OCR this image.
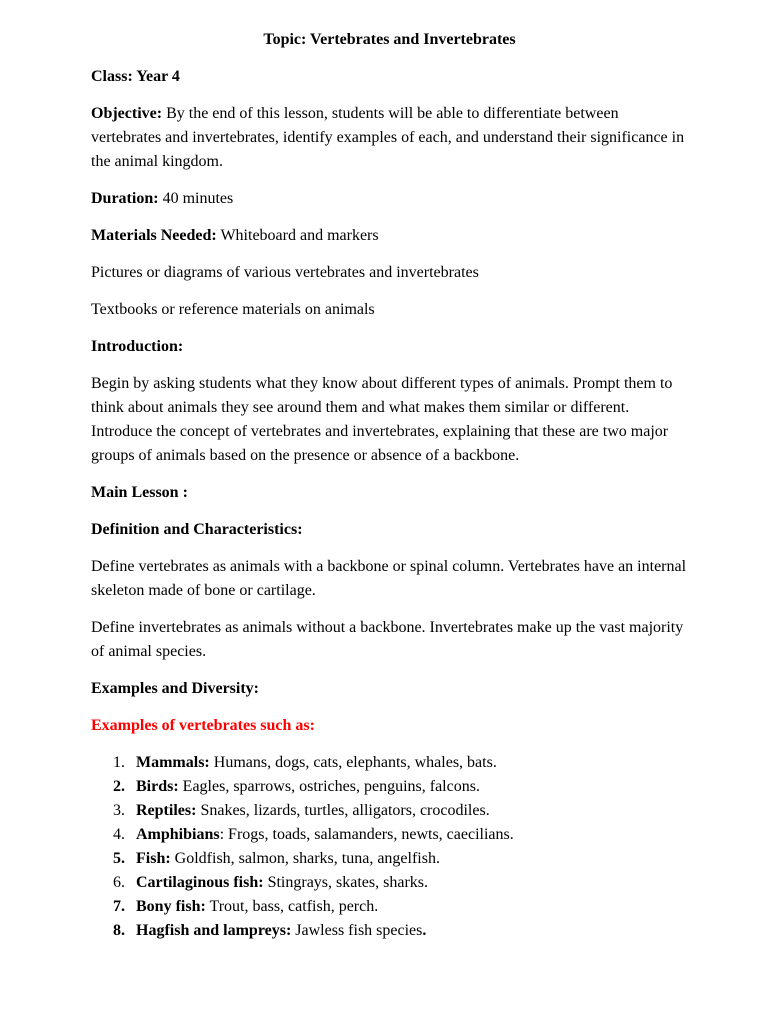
Topic: Vertebrates and Invertebrates

Class: Year 4

Objective: By the end of this lesson, students will be able to differentiate between vertebrates and invertebrates, identify examples of each, and understand their significance in the animal kingdom.

Duration: 40 minutes

Materials Needed: Whiteboard and markers

Pictures or diagrams of various vertebrates and invertebrates

Textbooks or reference materials on animals

Introduction:

Begin by asking students what they know about different types of animals. Prompt them to think about animals they see around them and what makes them similar or different. Introduce the concept of vertebrates and invertebrates, explaining that these are two major groups of animals based on the presence or absence of a backbone.

Main Lesson :

Definition and Characteristics:

Define vertebrates as animals with a backbone or spinal column. Vertebrates have an internal skeleton made of bone or cartilage.

Define invertebrates as animals without a backbone. Invertebrates make up the vast majority of animal species.

Examples and Diversity:

Examples of vertebrates such as:

1. Mammals: Humans, dogs, cats, elephants, whales, bats.
2. Birds: Eagles, sparrows, ostriches, penguins, falcons.
3. Reptiles: Snakes, lizards, turtles, alligators, crocodiles.
4. Amphibians: Frogs, toads, salamanders, newts, caecilians.
5. Fish: Goldfish, salmon, sharks, tuna, angelfish.
6. Cartilaginous fish: Stingrays, skates, sharks.
7. Bony fish: Trout, bass, catfish, perch.
8. Hagfish and lampreys: Jawless fish species.
